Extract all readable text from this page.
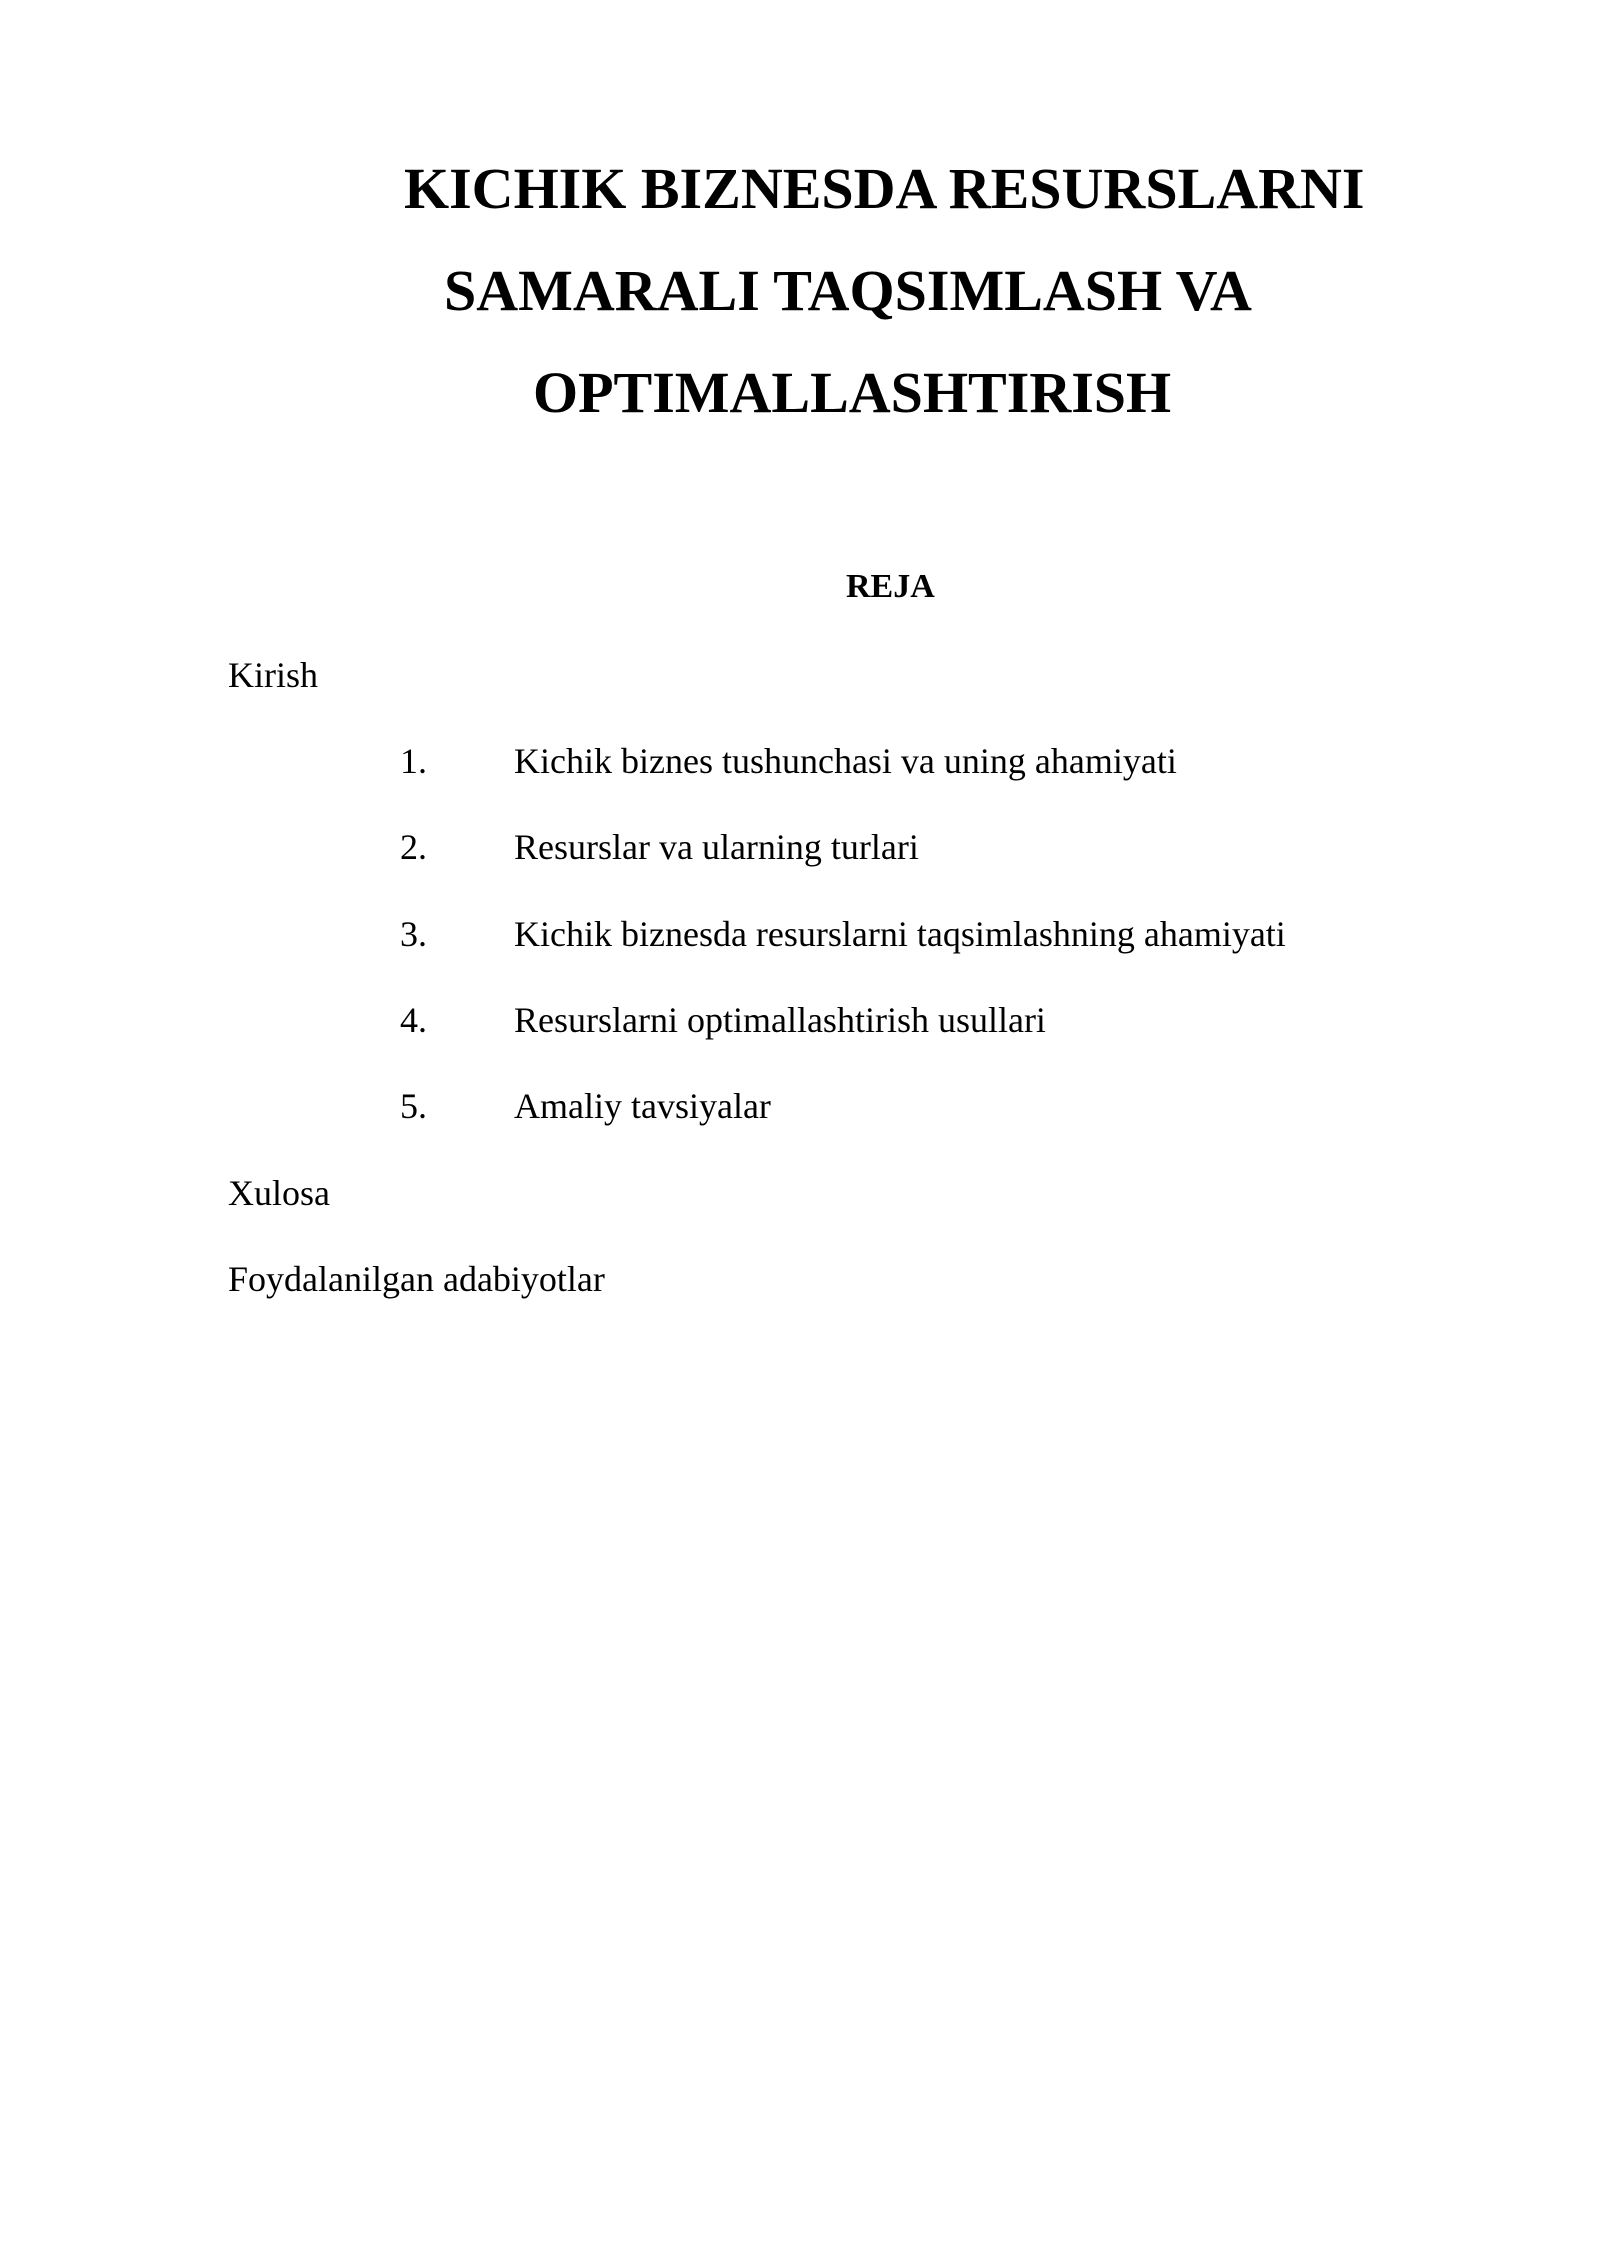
KICHIK BIZNESDA RESURSLARNI
SAMARALI TAQSIMLASH VA
OPTIMALLASHTIRISH
REJA
Kirish
1. Kichik biznes tushunchasi va uning ahamiyati
2. Resurslar va ularning turlari
3. Kichik biznesda resurslarni taqsimlashning ahamiyati
4. Resurslarni optimallashtirish usullari
5. Amaliy tavsiyalar
Xulosa
Foydalanilgan adabiyotlar
